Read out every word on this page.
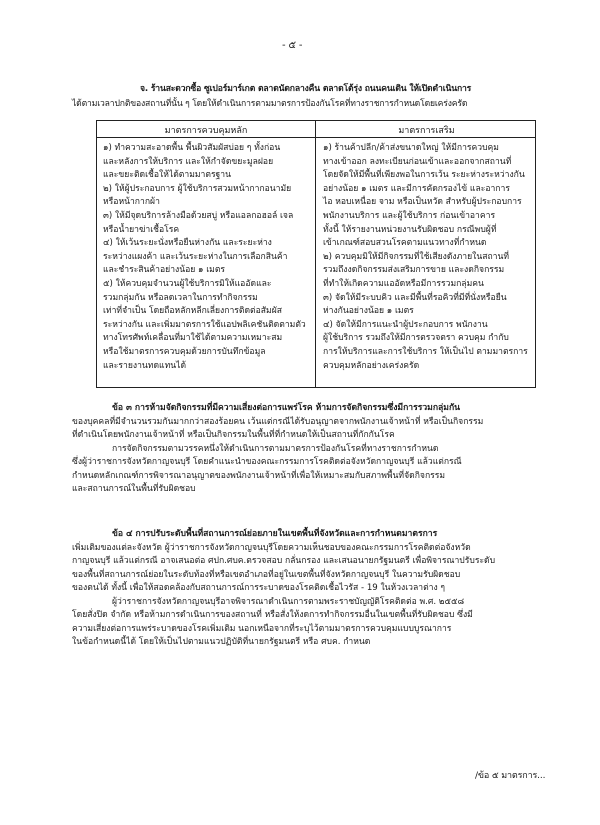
- ๕ -
จ. ร้านสะดวกซื้อ ซูเปอร์มาร์เกต ตลาดนัดกลางคืน ตลาดโต้รุ่ง ถนนคนเดิน ให้เปิดดำเนินการ
ได้ตามเวลาปกติของสถานที่นั้น ๆ โดยให้ดำเนินการตามมาตรการป้องกันโรคที่ทางราชการกำหนดโดยเคร่งครัด
มาตรการควบคุมหลัก	มาตรการเสริม

๑) ทำความสะอาดพื้น พื้นผิวสัมผัสบ่อย ๆ ทั้งก่อน

และหลังการให้บริการ และให้กำจัดขยะมูลฝอย

และขยะติดเชื้อให้ได้ตามมาตรฐาน

๒) ให้ผู้ประกอบการ ผู้ใช้บริการสวมหน้ากากอนามัย

หรือหน้ากากผ้า

๓) ให้มีจุดบริการล้างมือด้วยสบู่ หรือแอลกอฮอล์ เจล

หรือน้ำยาฆ่าเชื้อโรค

๔) ให้เว้นระยะนั่งหรือยืนห่างกัน และระยะห่าง

ระหว่างแผงค้า และเว้นระยะห่างในการเลือกสินค้า

และชำระสินค้าอย่างน้อย ๑ เมตร

๕) ให้ควบคุมจำนวนผู้ใช้บริการมิให้แออัดและ

รวมกลุ่มกัน หรือลดเวลาในการทำกิจกรรม

เท่าที่จำเป็น โดยถือหลักหลีกเลี่ยงการติดต่อสัมผัส

ระหว่างกัน และเพิ่มมาตรการใช้แอปพลิเคชันติดตามตัว

ทางโทรศัพท์เคลื่อนที่มาใช้ได้ตามความเหมาะสม

หรือใช้มาตรการควบคุมด้วยการบันทึกข้อมูล

และรายงานทดแทนได้

๑) ร้านค้าปลีก/ค้าส่งขนาดใหญ่ ให้มีการควบคุม

ทางเข้าออก ลงทะเบียนก่อนเข้าและออกจากสถานที่

โดยจัดให้มีพื้นที่เพียงพอในการเว้น ระยะห่างระหว่างกัน

อย่างน้อย ๑ เมตร และมีการคัดกรองไข้ และอาการ

ไอ หอบเหนื่อย จาม หรือเป็นหวัด สำหรับผู้ประกอบการ

พนักงานบริการ และผู้ใช้บริการ ก่อนเข้าอาคาร

ทั้งนี้ ให้รายงานหน่วยงานรับผิดชอบ กรณีพบผู้ที่

เข้าเกณฑ์สอบสวนโรคตามแนวทางที่กำหนด

๒) ควบคุมมิให้มีกิจกรรมที่ใช้เสียงดังภายในสถานที่

รวมถึงงดกิจกรรมส่งเสริมการขาย และงดกิจกรรม

ที่ทำให้เกิดความแออัดหรือมีการรวมกลุ่มคน

๓) จัดให้มีระบบคิว และมีพื้นที่รอคิวที่มีที่นั่งหรือยืน

ห่างกันอย่างน้อย ๑ เมตร

๔) จัดให้มีการแนะนำผู้ประกอบการ พนักงาน

ผู้ใช้บริการ รวมถึงให้มีการตรวจตรา ควบคุม กำกับ

การให้บริการและการใช้บริการ ให้เป็นไป ตามมาตรการ

ควบคุมหลักอย่างเคร่งครัด

ข้อ ๓ การห้ามจัดกิจกรรมที่มีความเสี่ยงต่อการแพร่โรค ห้ามการจัดกิจกรรมซึ่งมีการรวมกลุ่มกัน

ของบุคคลที่มีจำนวนรวมกันมากกว่าสองร้อยคน เว้นแต่กรณีได้รับอนุญาตจากพนักงานเจ้าหน้าที่ หรือเป็นกิจกรรม

ที่ดำเนินโดยพนักงานเจ้าหน้าที่ หรือเป็นกิจกรรมในพื้นที่ที่กำหนดให้เป็นสถานที่กักกันโรค

การจัดกิจกรรมตามวรรคหนึ่งให้ดำเนินการตามมาตรการป้องกันโรคที่ทางราชการกำหนด

ซึ่งผู้ว่าราชการจังหวัดกาญจนบุรี โดยคำแนะนำของคณะกรรมการโรคติดต่อจังหวัดกาญจนบุรี แล้วแต่กรณี

กำหนดหลักเกณฑ์การพิจารณาอนุญาตของพนักงานเจ้าหน้าที่เพื่อให้เหมาะสมกับสภาพพื้นที่จัดกิจกรรม

และสถานการณ์ในพื้นที่รับผิดชอบ

ข้อ ๔ การปรับระดับพื้นที่สถานการณ์ย่อยภายในเขตพื้นที่จังหวัดและการกำหนดมาตรการ

เพิ่มเติมของแต่ละจังหวัด ผู้ว่าราชการจังหวัดกาญจนบุรีโดยความเห็นชอบของคณะกรรมการโรคติดต่อจังหวัด

กาญจนบุรี แล้วแต่กรณี อาจเสนอต่อ ศปก.ศบค.ตรวจสอบ กลั่นกรอง และเสนอนายกรัฐมนตรี เพื่อพิจารณาปรับระดับ

ของพื้นที่สถานการณ์ย่อยในระดับท้องที่หรือเขตอำเภอที่อยู่ในเขตพื้นที่จังหวัดกาญจนบุรี ในความรับผิดชอบ

ของตนได้ ทั้งนี้ เพื่อให้สอดคล้องกับสถานการณ์การระบาดของโรคติดเชื้อไวรัส - 19 ในห้วงเวลาต่าง ๆ

ผู้ว่าราชการจังหวัดกาญจนบุรีอาจพิจารณาดำเนินการตามพระราชบัญญัติโรคติดต่อ พ.ศ. ๒๕๕๘

โดยสั่งปิด จำกัด หรือห้ามการดำเนินการของสถานที่ หรือสั่งให้งดการทำกิจกรรมอื่นในเขตพื้นที่รับผิดชอบ ซึ่งมี

ความเสี่ยงต่อการแพร่ระบาดของโรคเพิ่มเติม นอกเหนือจากที่ระบุไว้ตามมาตรการควบคุมแบบบูรณาการ

ในข้อกำหนดนี้ได้ โดยให้เป็นไปตามแนวปฏิบัติที่นายกรัฐมนตรี หรือ ศบค. กำหนด

/ข้อ ๕ มาตรการ...
